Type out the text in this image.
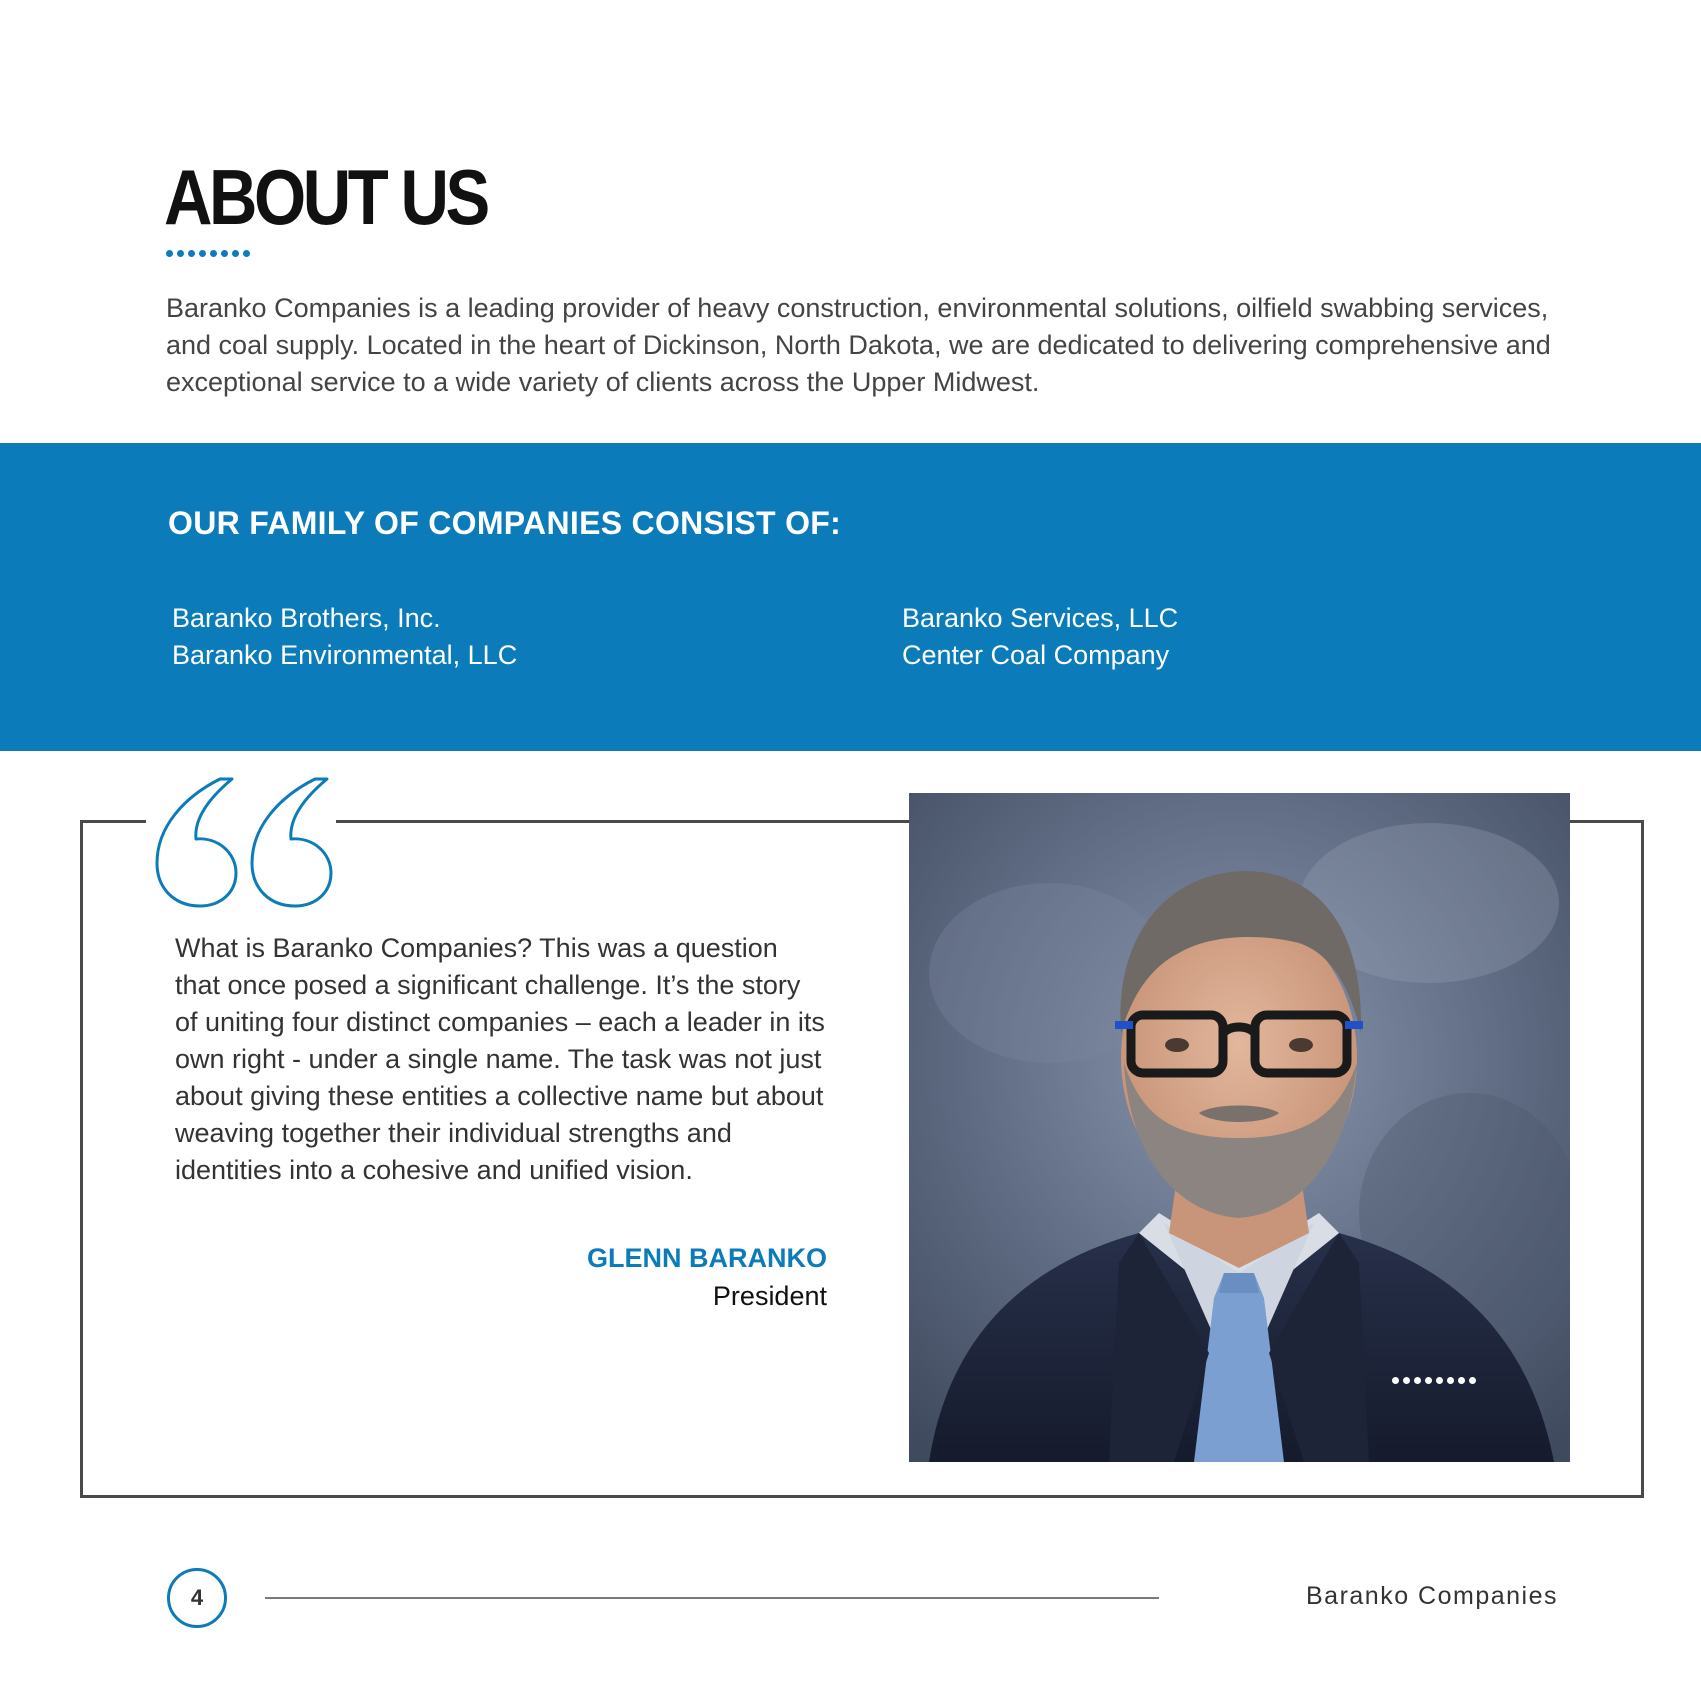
ABOUT US

Baranko Companies is a leading provider of heavy construction, environmental solutions, oilfield swabbing services, and coal supply. Located in the heart of Dickinson, North Dakota, we are dedicated to delivering comprehensive and exceptional service to a wide variety of clients across the Upper Midwest.

OUR FAMILY OF COMPANIES CONSIST OF:
Baranko Brothers, Inc.
Baranko Environmental, LLC
Baranko Services, LLC
Center Coal Company

What is Baranko Companies? This was a question that once posed a significant challenge. It’s the story of uniting four distinct companies – each a leader in its own right - under a single name. The task was not just about giving these entities a collective name but about weaving together their individual strengths and identities into a cohesive and unified vision.

GLENN BARANKO
President
4	Baranko Companies
